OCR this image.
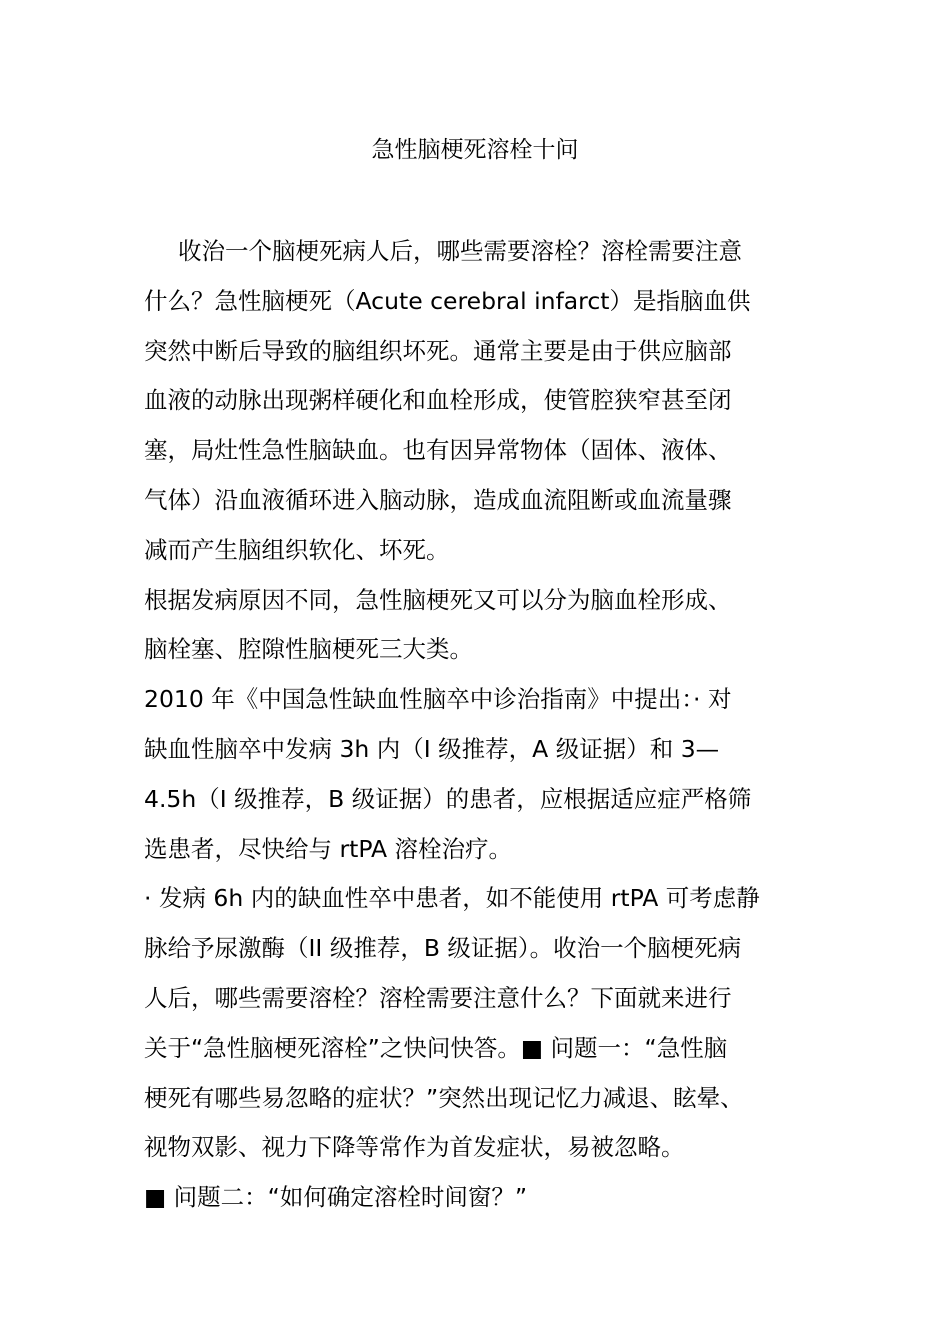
急性脑梗死溶栓十问

收治一个脑梗死病人后，哪些需要溶栓？溶栓需要注意

什么？急性脑梗死（Acute cerebral infarct）是指脑血供

突然中断后导致的脑组织坏死。通常主要是由于供应脑部

血液的动脉出现粥样硬化和血栓形成，使管腔狭窄甚至闭

塞，局灶性急性脑缺血。也有因异常物体（固体、液体、

气体）沿血液循环进入脑动脉，造成血流阻断或血流量骤

减而产生脑组织软化、坏死。

根据发病原因不同，急性脑梗死又可以分为脑血栓形成、

脑栓塞、腔隙性脑梗死三大类。

2010 年《中国急性缺血性脑卒中诊治指南》中提出：· 对

缺血性脑卒中发病 3h 内（I 级推荐，A 级证据）和 3—

4.5h（I 级推荐，B 级证据）的患者，应根据适应症严格筛

选患者，尽快给与 rtPA 溶栓治疗。

· 发病 6h 内的缺血性卒中患者，如不能使用 rtPA 可考虑静

脉给予尿激酶（II 级推荐，B 级证据）。收治一个脑梗死病

人后，哪些需要溶栓？溶栓需要注意什么？下面就来进行

关于“急性脑梗死溶栓”之快问快答。■ 问题一：“急性脑

梗死有哪些易忽略的症状？”突然出现记忆力减退、眩晕、

视物双影、视力下降等常作为首发症状，易被忽略。

■ 问题二：“如何确定溶栓时间窗？”
